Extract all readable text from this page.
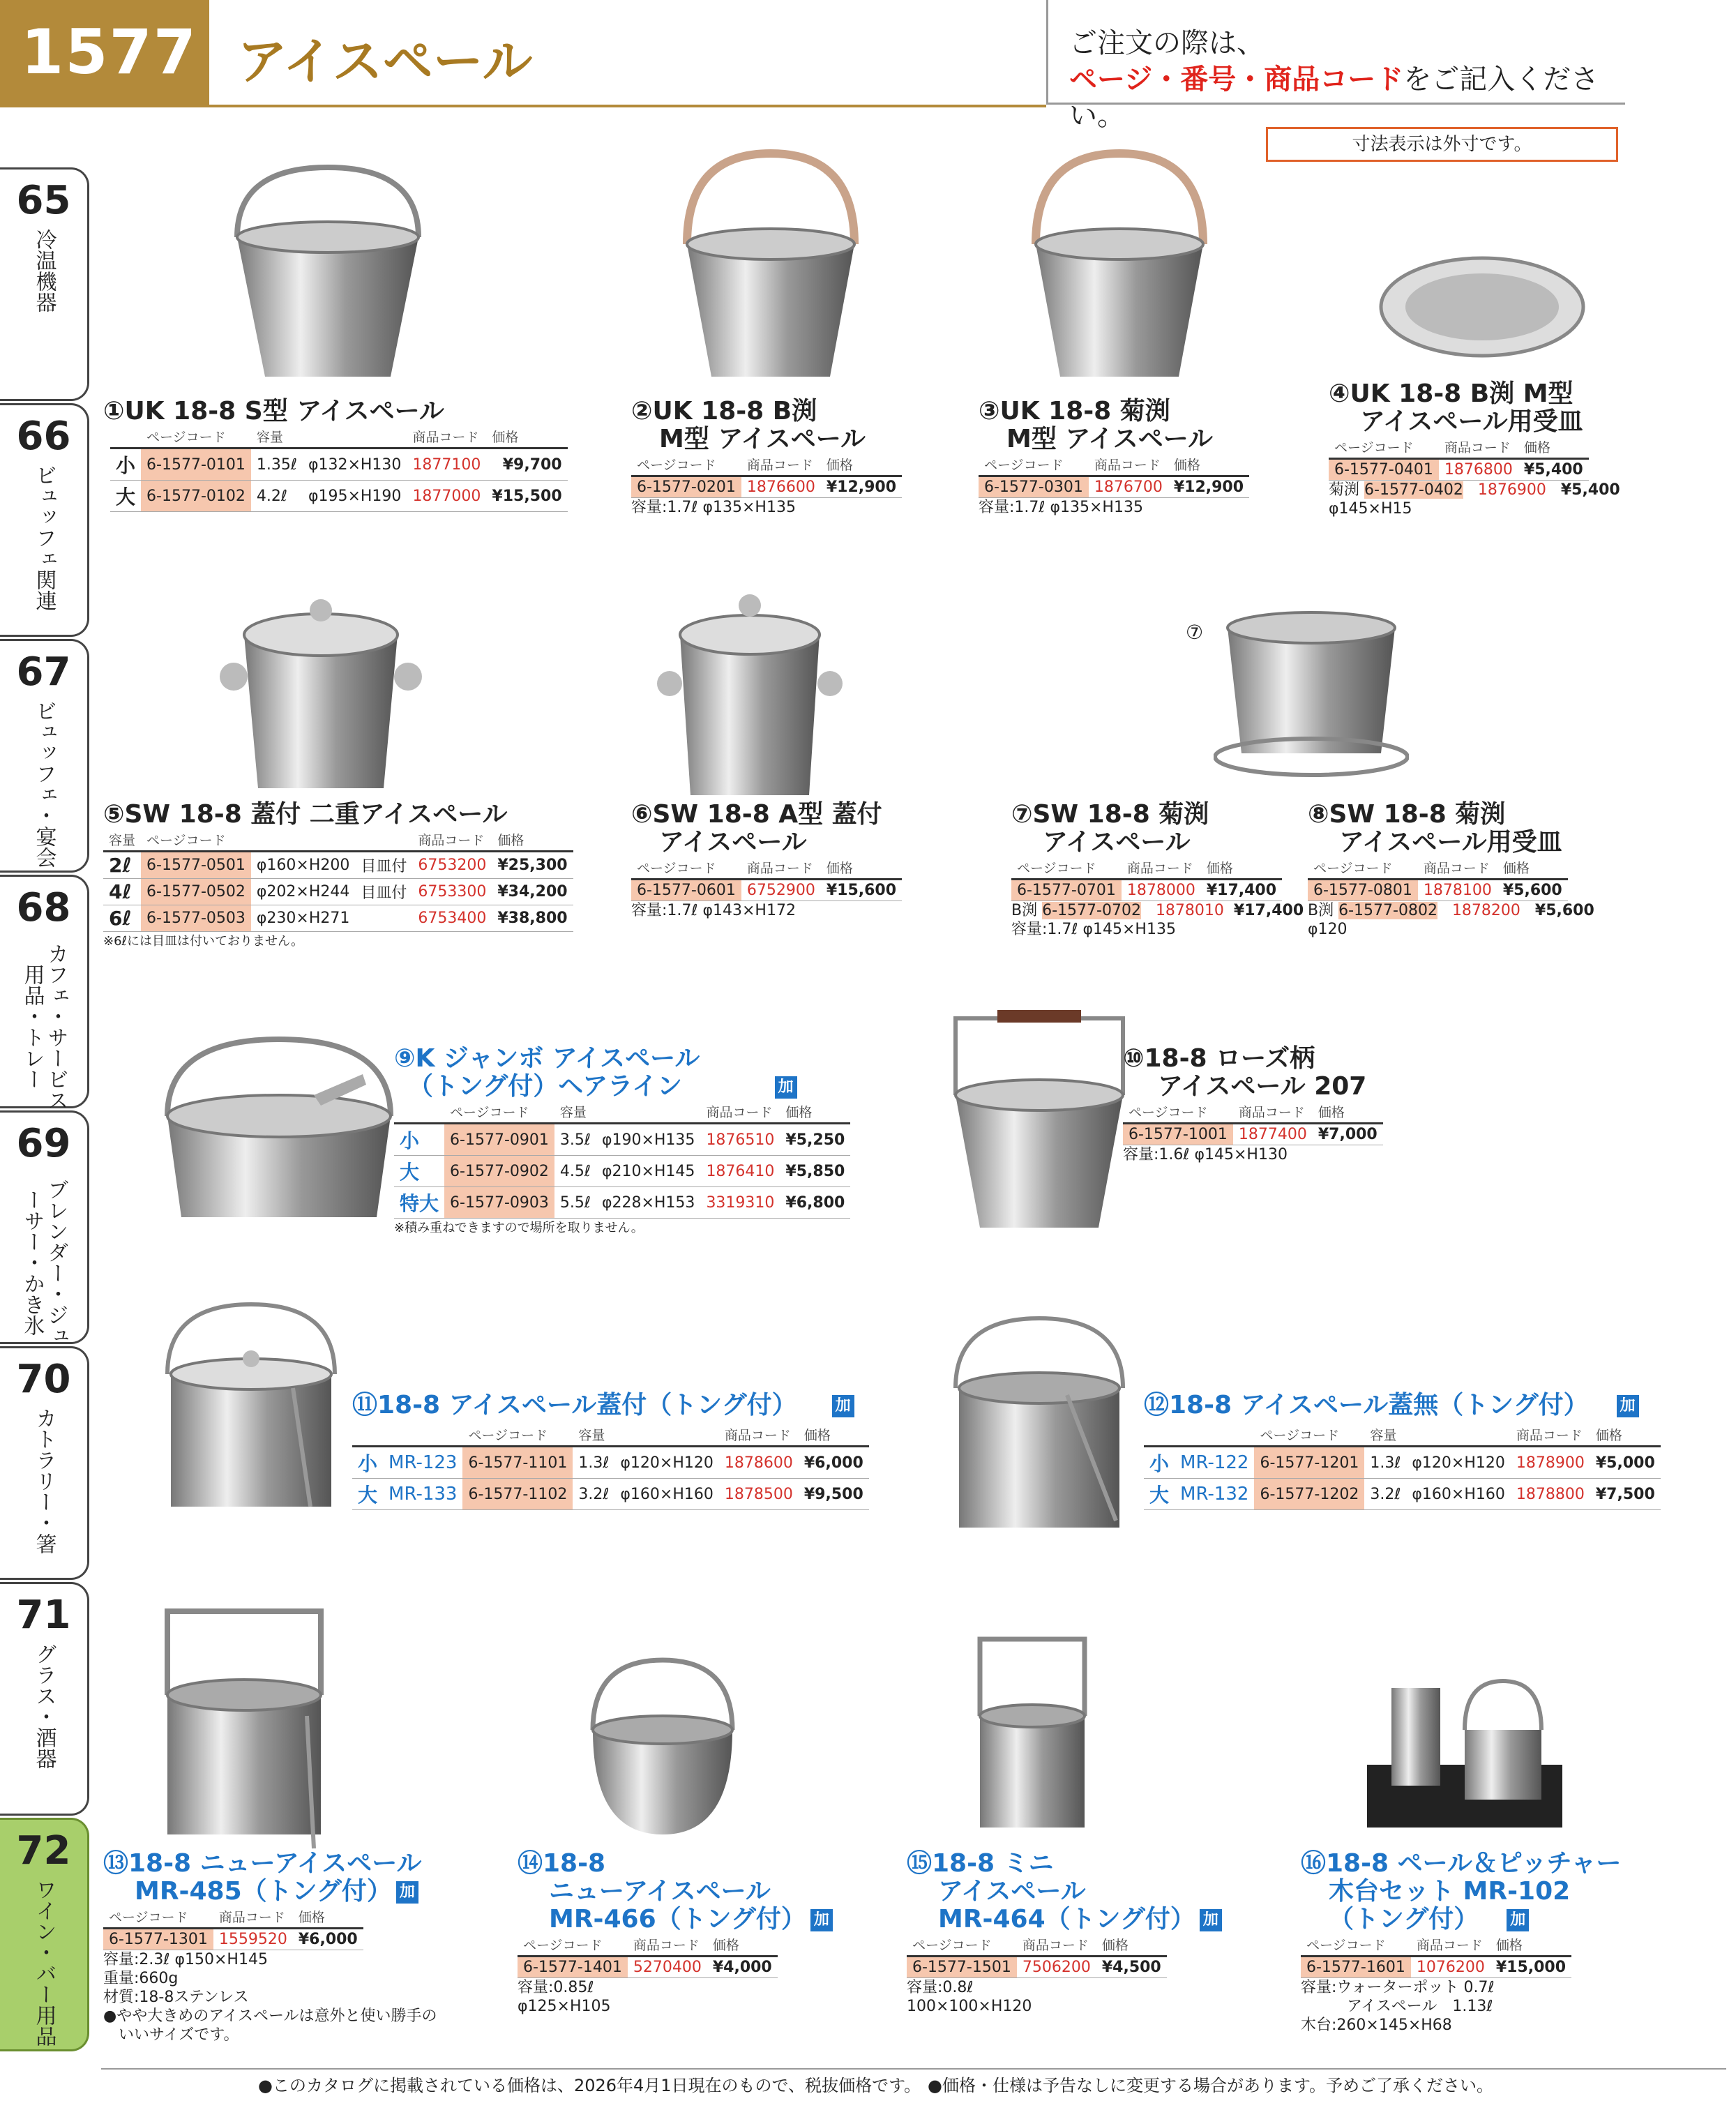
1577 アイスペール	ご注文の際は、
ページ・番号・商品コードをご記入ください。
寸法表示は外寸です。
65
冷温機器
66
ビュッフェ関連
67
ビュッフェ・宴会
68
カフェ・サービス用品・トレー
69
ブレンダー・ジューサー・かき氷
70
カトラリー・箸
71
グラス・酒器
72
ワイン・バー用品
⑦
①UK 18-8 S型 アイスペール
	ページコード	容量		商品コード	価格
小	6-1577-0101	1.35ℓ	φ132×H130	1877100	¥9,700
大	6-1577-0102	4.2ℓ	φ195×H190	1877000	¥15,500
②UK 18-8 B渕
M型 アイスペール
ページコード	商品コード	価格
6-1577-0201	1876600	¥12,900
容量:1.7ℓ φ135×H135
③UK 18-8 菊渕
M型 アイスペール
ページコード	商品コード	価格
6-1577-0301	1876700	¥12,900
容量:1.7ℓ φ135×H135
④UK 18-8 B渕 M型
アイスペール用受皿
ページコード	商品コード	価格
6-1577-0401	1876800	¥5,400
菊渕 6-1577-0402 1876900 ¥5,400
φ145×H15
⑤SW 18-8 蓋付 二重アイスペール
容量	ページコード			商品コード	価格
2ℓ	6-1577-0501	φ160×H200	目皿付	6753200	¥25,300
4ℓ	6-1577-0502	φ202×H244	目皿付	6753300	¥34,200
6ℓ	6-1577-0503	φ230×H271		6753400	¥38,800
※6ℓには目皿は付いておりません。
⑥SW 18-8 A型 蓋付
アイスペール
ページコード	商品コード	価格
6-1577-0601	6752900	¥15,600
容量:1.7ℓ φ143×H172
⑦SW 18-8 菊渕
アイスペール
ページコード	商品コード	価格
6-1577-0701	1878000	¥17,400
B渕 6-1577-0702 1878010 ¥17,400
容量:1.7ℓ φ145×H135
⑧SW 18-8 菊渕
アイスペール用受皿
ページコード	商品コード	価格
6-1577-0801	1878100	¥5,600
B渕 6-1577-0802 1878200 ¥5,600
φ120
⑨K ジャンボ アイスペール
（トング付）ヘアライン	加
	ページコード	容量		商品コード	価格
小	6-1577-0901	3.5ℓ	φ190×H135	1876510	¥5,250
大	6-1577-0902	4.5ℓ	φ210×H145	1876410	¥5,850
特大	6-1577-0903	5.5ℓ	φ228×H153	3319310	¥6,800
※積み重ねできますので場所を取りません。
⑩18-8 ローズ柄
アイスペール 207
ページコード	商品コード	価格
6-1577-1001	1877400	¥7,000
容量:1.6ℓ φ145×H130
⑪18-8 アイスペール蓋付（トング付）	加
		ページコード	容量		商品コード	価格
小	MR-123	6-1577-1101	1.3ℓ	φ120×H120	1878600	¥6,000
大	MR-133	6-1577-1102	3.2ℓ	φ160×H160	1878500	¥9,500
⑫18-8 アイスペール蓋無（トング付） 加
		ページコード	容量		商品コード	価格
小	MR-122	6-1577-1201	1.3ℓ	φ120×H120	1878900	¥5,000
大	MR-132	6-1577-1202	3.2ℓ	φ160×H160	1878800	¥7,500
⑬18-8 ニューアイスペール
MR-485（トング付） 加
ページコード	商品コード	価格
6-1577-1301	1559520	¥6,000
容量:2.3ℓ φ150×H145
重量:660g
材質:18-8ステンレス
●やや大きめのアイスペールは意外と使い勝手の
　いいサイズです。
⑭18-8
ニューアイスペール
MR-466（トング付） 加
ページコード	商品コード	価格
6-1577-1401	5270400	¥4,000
容量:0.85ℓ
φ125×H105
⑮18-8 ミニ
アイスペール
MR-464（トング付） 加
ページコード	商品コード	価格
6-1577-1501	7506200	¥4,500
容量:0.8ℓ
100×100×H120
⑯18-8 ペール＆ピッチャー
木台セット MR-102
（トング付） 加
ページコード	商品コード	価格
6-1577-1601	1076200	¥15,000
容量:ウォーターポット 0.7ℓ
　　　アイスペール　1.13ℓ
木台:260×145×H68
●このカタログに掲載されている価格は、2026年4月1日現在のもので、税抜価格です。 ●価格・仕様は予告なしに変更する場合があります。予めご了承ください。
